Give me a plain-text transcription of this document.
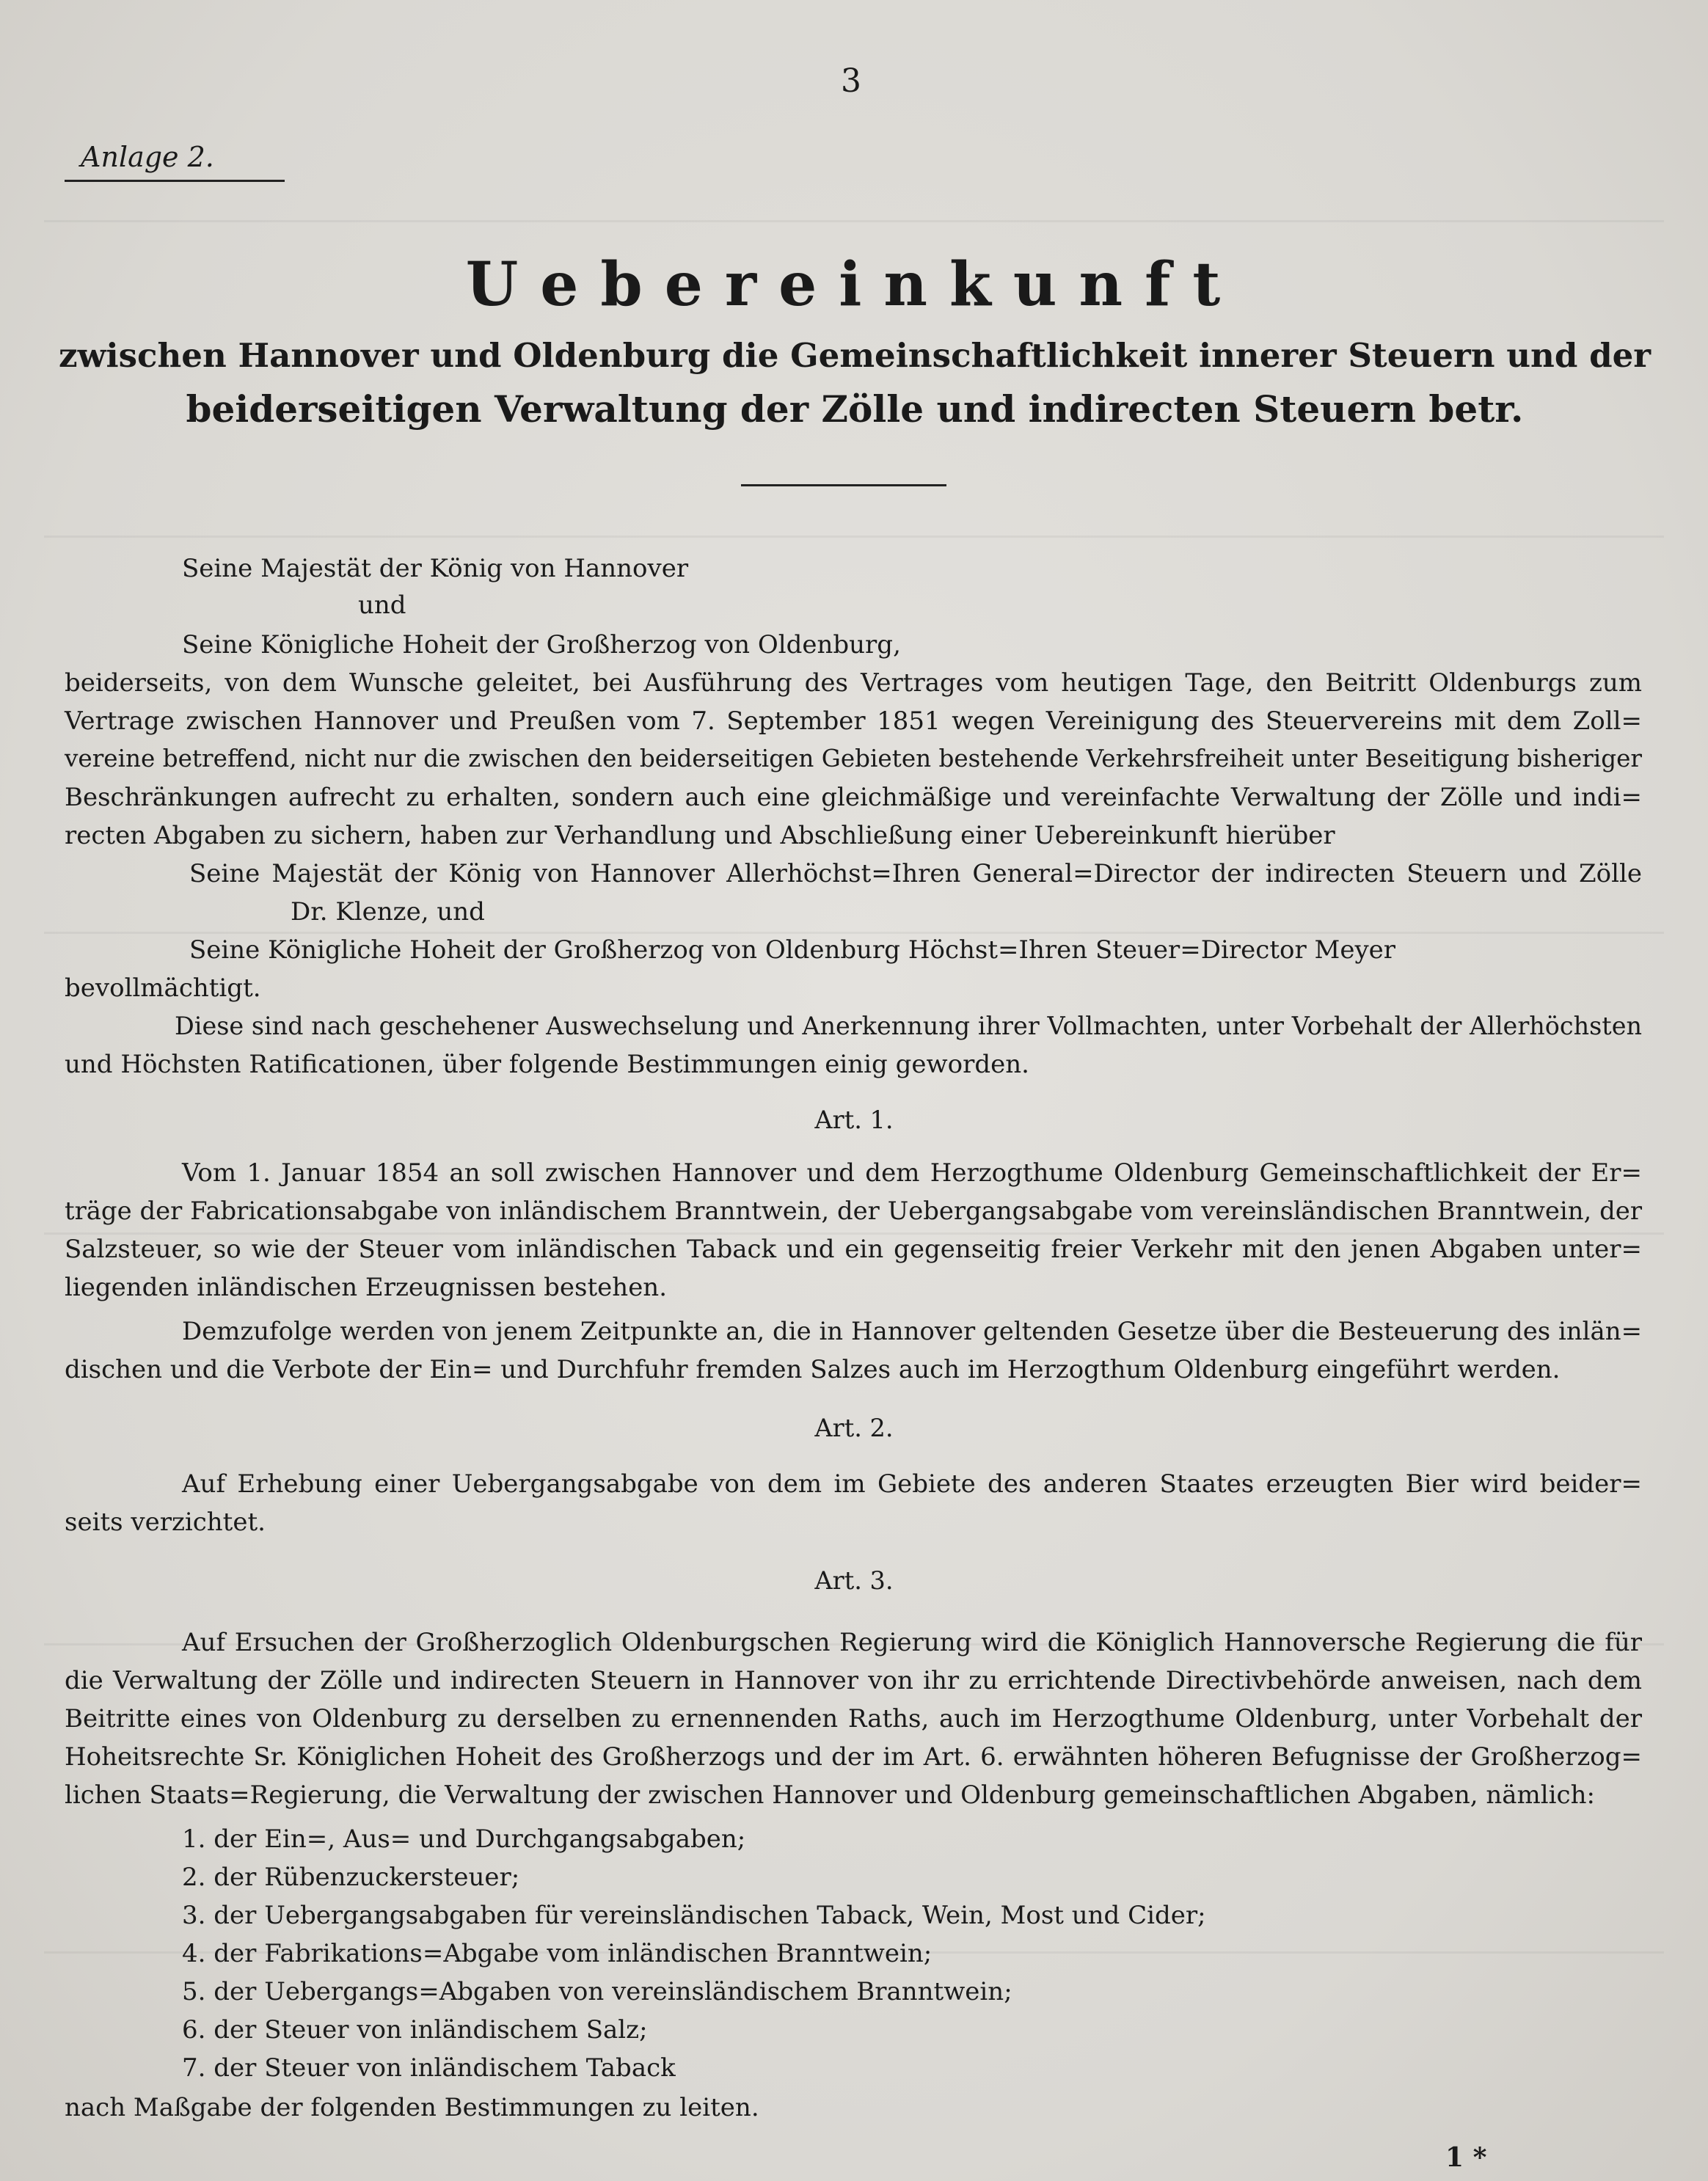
3
Anlage 2.
Uebereinkunft
zwischen Hannover und Oldenburg die Gemeinschaftlichkeit innerer Steuern und der
beiderseitigen Verwaltung der Zölle und indirecten Steuern betr.
Seine Majestät der König von Hannover
und
Seine Königliche Hoheit der Großherzog von Oldenburg,
beiderseits, von dem Wunsche geleitet, bei Ausführung des Vertrages vom heutigen Tage, den Beitritt Oldenburgs zum
Vertrage zwischen Hannover und Preußen vom 7. September 1851 wegen Vereinigung des Steuervereins mit dem Zoll=
vereine betreffend, nicht nur die zwischen den beiderseitigen Gebieten bestehende Verkehrsfreiheit unter Beseitigung bisheriger
Beschränkungen aufrecht zu erhalten, sondern auch eine gleichmäßige und vereinfachte Verwaltung der Zölle und indi=
recten Abgaben zu sichern, haben zur Verhandlung und Abschließung einer Uebereinkunft hierüber
Seine Majestät der König von Hannover Allerhöchst=Ihren General=Director der indirecten Steuern und Zölle
Dr. Klenze, und
Seine Königliche Hoheit der Großherzog von Oldenburg Höchst=Ihren Steuer=Director Meyer
bevollmächtigt.
Diese sind nach geschehener Auswechselung und Anerkennung ihrer Vollmachten, unter Vorbehalt der Allerhöchsten
und Höchsten Ratificationen, über folgende Bestimmungen einig geworden.
Art. 1.
Vom 1. Januar 1854 an soll zwischen Hannover und dem Herzogthume Oldenburg Gemeinschaftlichkeit der Er=
träge der Fabricationsabgabe von inländischem Branntwein, der Uebergangsabgabe vom vereinsländischen Branntwein, der
Salzsteuer, so wie der Steuer vom inländischen Taback und ein gegenseitig freier Verkehr mit den jenen Abgaben unter=
liegenden inländischen Erzeugnissen bestehen.
Demzufolge werden von jenem Zeitpunkte an, die in Hannover geltenden Gesetze über die Besteuerung des inlän=
dischen und die Verbote der Ein= und Durchfuhr fremden Salzes auch im Herzogthum Oldenburg eingeführt werden.
Art. 2.
Auf Erhebung einer Uebergangsabgabe von dem im Gebiete des anderen Staates erzeugten Bier wird beider=
seits verzichtet.
Art. 3.
Auf Ersuchen der Großherzoglich Oldenburgschen Regierung wird die Königlich Hannoversche Regierung die für
die Verwaltung der Zölle und indirecten Steuern in Hannover von ihr zu errichtende Directivbehörde anweisen, nach dem
Beitritte eines von Oldenburg zu derselben zu ernennenden Raths, auch im Herzogthume Oldenburg, unter Vorbehalt der
Hoheitsrechte Sr. Königlichen Hoheit des Großherzogs und der im Art. 6. erwähnten höheren Befugnisse der Großherzog=
lichen Staats=Regierung, die Verwaltung der zwischen Hannover und Oldenburg gemeinschaftlichen Abgaben, nämlich:
1. der Ein=, Aus= und Durchgangsabgaben;
2. der Rübenzuckersteuer;
3. der Uebergangsabgaben für vereinsländischen Taback, Wein, Most und Cider;
4. der Fabrikations=Abgabe vom inländischen Branntwein;
5. der Uebergangs=Abgaben von vereinsländischem Branntwein;
6. der Steuer von inländischem Salz;
7. der Steuer von inländischem Taback
nach Maßgabe der folgenden Bestimmungen zu leiten.
1 *
